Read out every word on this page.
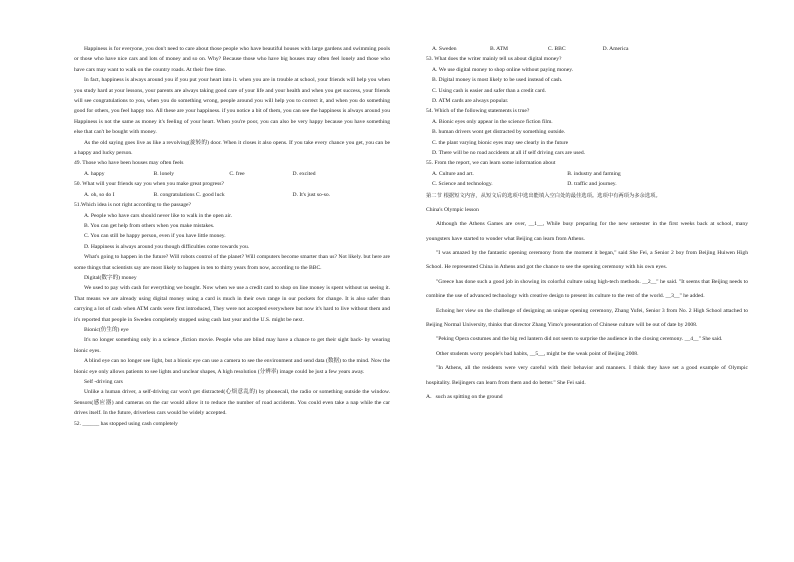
Happiness is for everyone, you don't need to care about those people who have beautiful houses with large gardens and swimming pools or those who have nice cars and lots of money and so on. Why? Because those who have big houses may often feel lonely and those who have cars may want to walk on the country roads. At their free time.

In fact, happiness is always around you if you put your heart into it. when you are in trouble at school, your friends will help you when you study hard at your lessons, your parents are always taking good care of your life and your health and when you get success, your friends will see congratulations to you, when you do something wrong, people around you will help you to correct it, and when you do something good for others, you feel happy too. All these are your happiness. if you notice a bit of them, you can see the happiness is always around you Happiness is not the same as money it's feeling of your heart. When you're poor, you can also be very happy because you have something else that can't be bought with money.

As the old saying goes live as like a revolving(旋转的) door. When it closes it also opens. If you take every chance you get, you can be a happy and lucky person.

49. Those who have been houses may often feels

A. happy	B. lonely	C. free	D. excited

50. What will your friends say you when you make great progress?

A. oh, so do I	B. congratulations C. good luck	D. It's just so-so.

51.Which idea is not right according to the passage?

A. People who have cars should never like to walk in the open air.

B. You can get help from others when you make mistakes.

C. You can still be happy person, even if you have little money.

D. Happiness is always around you though difficulties come towards you.

What's going to happen in the future? Will robots control of the planet? Will computers become smarter than us? Not likely. but here are some things that scientists say are most likely to happen in ten to thirty years from now, according to the BBC.

Digital(数字的) money

We used to pay with cash for everything we bought. Now when we use a credit card to shop on line money is spent without us seeing it. That means we are already using digital money using a card is much in their own range in our pockets for change. It is also safer than carrying a lot of cash when ATM cards were first introduced, They were not accepted everywhere but now it's hard to live without them and it's reported that people in Sweden completely stopped using cash last year and the U.S. might be next.

Bionic(仿生的) eye

It's no longer something only in a science ,fiction movie. People who are blind may have a chance to get their sight back- by wearing bionic eyes.

A blind eye can no longer see light, but a bionic eye can use a camera to see the environment and send data (数据) to the mind. Now the bionic eye only allows patients to see lights and unclear shapes, A high resolution (分辨率) image could be just a few years away.

Self -driving cars

Unlike a human driver, a self-driving car won't get distracted(心烦意乱的) by phonecall, the radio or something outside the window. Sensors(感应器) and cameras on the car would allow it to reduce the number of road accidents. You could even take a nap while the car drives itself. In the future, driverless cars would be widely accepted.

52. ______ has stopped using cash completely

A. Sweden	B. ATM	C. BBC	D. America

53. What does the writer mainly tell us about digital money?

A. We use digital money to shop online without paying money.

B. Digital money is most likely to be used instead of cash.

C. Using cash is easier and safer than a credit card.

D. ATM cards are always popular.

54. Which of the following statements is true?

A. Bionic eyes only appear in the science fiction film.

B. human drivers wont get distracted by something outside.

C. the plant varying bionic eyes may see clearly in the future

D. There will be no road accidents at all if self driving cars are used.

55. From the report, we can learn some information about

A. Culture and art.	B. industry and farming
C. Science and technology.	D. traffic and journey.

第二节 根据短文内容，从短文后的选项中选出能填入空白处的最佳选项。选项中有两项为多余选项。

China's Olympic lesson

Although the Athens Games are over, __1__, While busy preparing for the new semester in the first weeks back at school, many youngsters have started to wonder what Beijing can learn from Athens.

"I was amazed by the fantastic opening ceremony from the moment it began," said She Fei, a Senior 2 boy from Beijing Huiwen High School. He represented China in Athens and got the chance to see the opening ceremony with his own eyes.

"Greece has done such a good job in showing its colorful culture using high-tech methods. __2__" he said. "It seems that Beijing needs to combine the use of advanced technology with creative design to present its culture to the rest of the world. __3__" he added.

Echoing her view on the challenge of designing an unique opening ceremony, Zhang Yufei, Senior 3 from No. 2 High School attached to Beijing Normal University, thinks that director Zhang Yimo's presentation of Chinese culture will be out of date by 2008.

"Peking Opera costumes and the big red lantern did not seem to surprise the audience in the closing ceremony. __4__" She said.

Other students worry people's bad habits, __5__, might be the weak point of Beijing 2008.

"In Athens, all the residents were very careful with their behavior and manners. I think they have set a good example of Olympic hospitality. Beijingers can learn from them and do better." She Fei said.

A．such as spitting on the ground
